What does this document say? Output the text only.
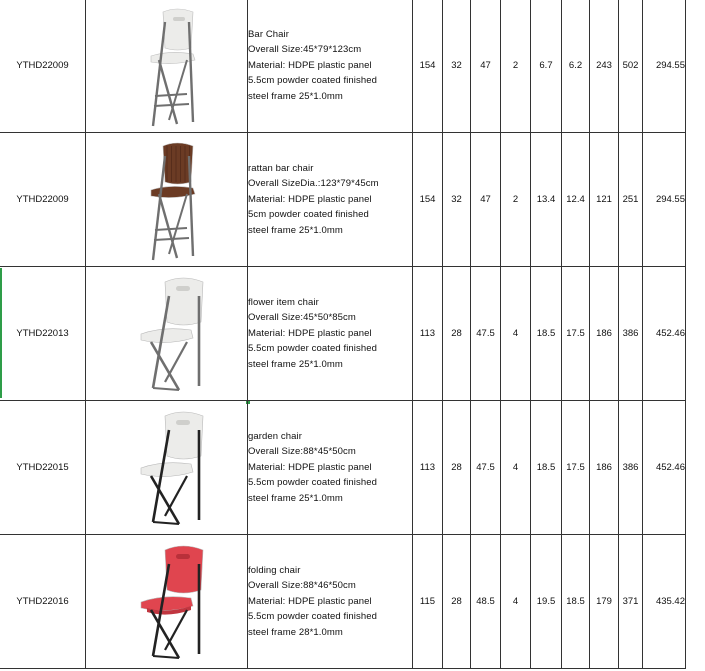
YTHD22009		Bar Chair
Overall Size:45*79*123cm
Material: HDPE plastic panel
5.5cm powder coated finished
steel frame 25*1.0mm	154	32	47	2	6.7	6.2	243	502	294.55
YTHD22009		rattan bar chair
Overall SizeDia.:123*79*45cm
Material: HDPE plastic panel
5cm powder coated finished
steel frame 25*1.0mm	154	32	47	2	13.4	12.4	121	251	294.55
YTHD22013		flower item chair
Overall Size:45*50*85cm
Material: HDPE plastic panel
5.5cm powder coated finished
steel frame 25*1.0mm	113	28	47.5	4	18.5	17.5	186	386	452.46
YTHD22015		garden chair
Overall Size:88*45*50cm
Material: HDPE plastic panel
5.5cm powder coated finished
steel frame 25*1.0mm	113	28	47.5	4	18.5	17.5	186	386	452.46
YTHD22016		folding chair
Overall Size:88*46*50cm
Material: HDPE plastic panel
5.5cm powder coated finished
steel frame 28*1.0mm	115	28	48.5	4	19.5	18.5	179	371	435.42
